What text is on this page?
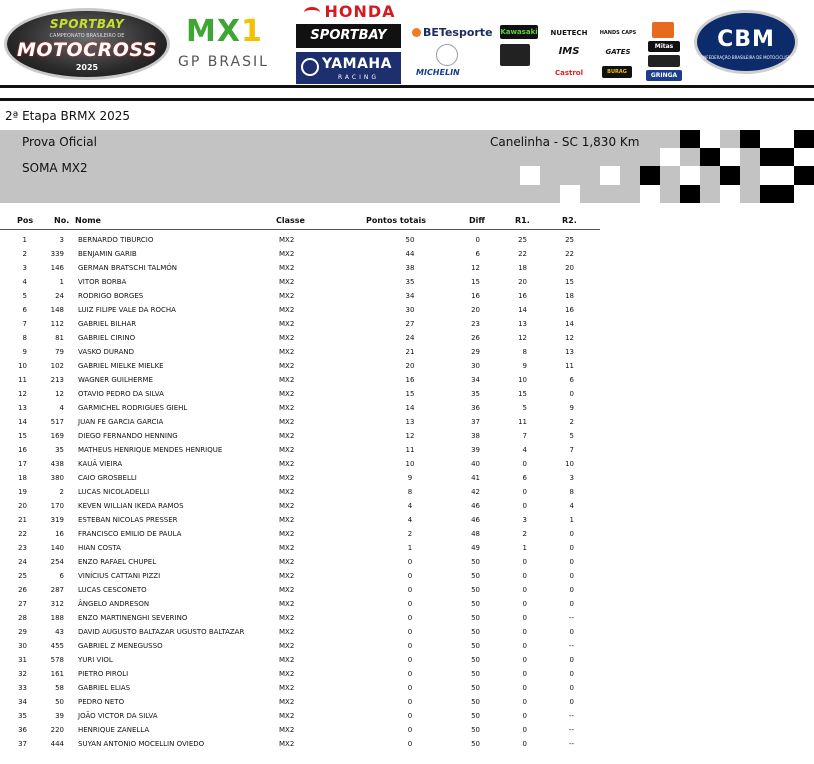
SPORTBAY
CAMPEONATO BRASILEIRO DE
MOTOCROSS
2025
MX1
GP BRASIL
HONDA
SPORTBAY
YAMAHA
RACING
BETesporte
MICHELIN
Kawasaki	NUETECH
IMS
Castrol
HANDS CAPS
GATES
BURAG
Mitas
GRINGA
CBM
CONFEDERAÇÃO BRASILEIRA DE MOTOCICLISMO
2ª Etapa BRMX 2025
Prova Oficial
SOMA MX2
Canelinha - SC 1,830 Km
Pos	No. Nome	Classe	Pontos totais	Diff	R1.	R2.
1	3 BERNARDO TIBURCIO	MX2	50	0	25	25
2	339 BENJAMIN GARIB	MX2	44	6	22	22
3	146 GERMAN BRATSCHI TALMÓN	MX2	38	12	18	20
4	1 VITOR BORBA	MX2	35	15	20	15
5	24 RODRIGO BORGES	MX2	34	16	16	18
6	148 LUIZ FILIPE VALE DA ROCHA	MX2	30	20	14	16
7	112 GABRIEL BILHAR	MX2	27	23	13	14
8	81 GABRIEL CIRINO	MX2	24	26	12	12
9	79 VASKO DURAND	MX2	21	29	8	13
10	102 GABRIEL MIELKE MIELKE	MX2	20	30	9	11
11	213 WAGNER GUILHERME	MX2	16	34	10	6
12	12 OTAVIO PEDRO DA SILVA	MX2	15	35	15	0
13	4 GARMICHEL RODRIGUES GIEHL	MX2	14	36	5	9
14	517 JUAN FE GARCIA GARCIA	MX2	13	37	11	2
15	169 DIEGO FERNANDO HENNING	MX2	12	38	7	5
16	35 MATHEUS HENRIQUE MENDES HENRIQUE	MX2	11	39	4	7
17	438 KAUÃ VIEIRA	MX2	10	40	0	10
18	380 CAIO GROSBELLI	MX2	9	41	6	3
19	2 LUCAS NICOLADELLI	MX2	8	42	0	8
20	170 KEVEN WILLIAN IKEDA RAMOS	MX2	4	46	0	4
21	319 ESTEBAN NICOLAS PRESSER	MX2	4	46	3	1
22	16 FRANCISCO EMILIO DE PAULA	MX2	2	48	2	0
23	140 HIAN COSTA	MX2	1	49	1	0
24	254 ENZO RAFAEL CHUPEL	MX2	0	50	0	0
25	6 VINÍCIUS CATTANI PIZZI	MX2	0	50	0	0
26	287 LUCAS CESCONETO	MX2	0	50	0	0
27	312 ÂNGELO ANDRESON	MX2	0	50	0	0
28	188 ENZO MARTINENGHI SEVERINO	MX2	0	50	0	--
29	43 DAVID AUGUSTO BALTAZAR UGUSTO BALTAZAR	MX2	0	50	0	0
30	455 GABRIEL Z MENEGUSSO	MX2	0	50	0	--
31	578 YURI VIOL	MX2	0	50	0	0
32	161 PIETRO PIROLI	MX2	0	50	0	0
33	58 GABRIEL ELIAS	MX2	0	50	0	0
34	50 PEDRO NETO	MX2	0	50	0	0
35	39 JOÃO VICTOR DA SILVA	MX2	0	50	0	--
36	220 HENRIQUE ZANELLA	MX2	0	50	0	--
37	444 SUYAN ANTONIO MOCELLIN OVIEDO	MX2	0	50	0	--
